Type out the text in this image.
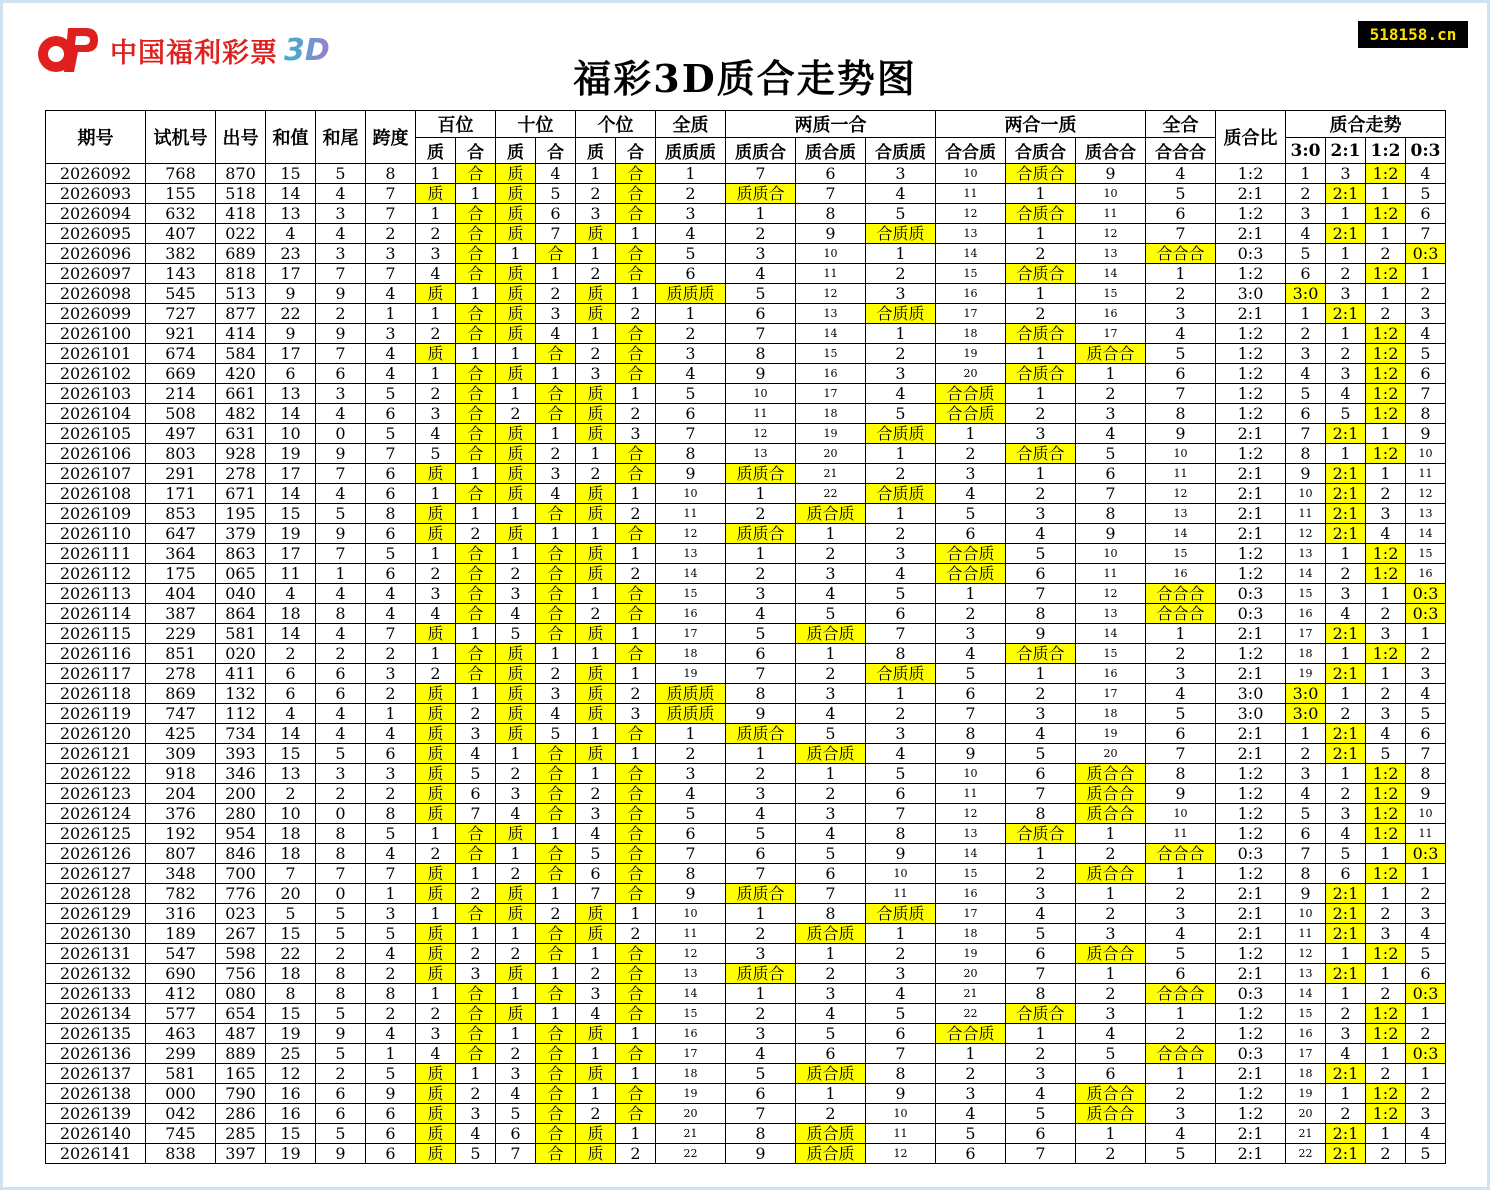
中国福利彩票 3D
福彩3D质合走势图
518158.cn
期号	试机号	出号	和值	和尾	跨度	百位		十位		个位		全质	两质一合			两合一质			全合	质合比	质合走势			
						质	合	质	合	质	合	质质质	质质合	质合质	合质质	合合质	合质合	质合合	合合合		3:0	2:1	1:2	0:3
2026092	768	870	15	5	8	1	合	质	4	1	合	1	7	6	3	10	合质合	9	4	1:2	1	3	1:2	4
2026093	155	518	14	4	7	质	1	质	5	2	合	2	质质合	7	4	11	1	10	5	2:1	2	2:1	1	5
2026094	632	418	13	3	7	1	合	质	6	3	合	3	1	8	5	12	合质合	11	6	1:2	3	1	1:2	6
2026095	407	022	4	4	2	2	合	质	7	质	1	4	2	9	合质质	13	1	12	7	2:1	4	2:1	1	7
2026096	382	689	23	3	3	3	合	1	合	1	合	5	3	10	1	14	2	13	合合合	0:3	5	1	2	0:3
2026097	143	818	17	7	7	4	合	质	1	2	合	6	4	11	2	15	合质合	14	1	1:2	6	2	1:2	1
2026098	545	513	9	9	4	质	1	质	2	质	1	质质质	5	12	3	16	1	15	2	3:0	3:0	3	1	2
2026099	727	877	22	2	1	1	合	质	3	质	2	1	6	13	合质质	17	2	16	3	2:1	1	2:1	2	3
2026100	921	414	9	9	3	2	合	质	4	1	合	2	7	14	1	18	合质合	17	4	1:2	2	1	1:2	4
2026101	674	584	17	7	4	质	1	1	合	2	合	3	8	15	2	19	1	质合合	5	1:2	3	2	1:2	5
2026102	669	420	6	6	4	1	合	质	1	3	合	4	9	16	3	20	合质合	1	6	1:2	4	3	1:2	6
2026103	214	661	13	3	5	2	合	1	合	质	1	5	10	17	4	合合质	1	2	7	1:2	5	4	1:2	7
2026104	508	482	14	4	6	3	合	2	合	质	2	6	11	18	5	合合质	2	3	8	1:2	6	5	1:2	8
2026105	497	631	10	0	5	4	合	质	1	质	3	7	12	19	合质质	1	3	4	9	2:1	7	2:1	1	9
2026106	803	928	19	9	7	5	合	质	2	1	合	8	13	20	1	2	合质合	5	10	1:2	8	1	1:2	10
2026107	291	278	17	7	6	质	1	质	3	2	合	9	质质合	21	2	3	1	6	11	2:1	9	2:1	1	11
2026108	171	671	14	4	6	1	合	质	4	质	1	10	1	22	合质质	4	2	7	12	2:1	10	2:1	2	12
2026109	853	195	15	5	8	质	1	1	合	质	2	11	2	质合质	1	5	3	8	13	2:1	11	2:1	3	13
2026110	647	379	19	9	6	质	2	质	1	1	合	12	质质合	1	2	6	4	9	14	2:1	12	2:1	4	14
2026111	364	863	17	7	5	1	合	1	合	质	1	13	1	2	3	合合质	5	10	15	1:2	13	1	1:2	15
2026112	175	065	11	1	6	2	合	2	合	质	2	14	2	3	4	合合质	6	11	16	1:2	14	2	1:2	16
2026113	404	040	4	4	4	3	合	3	合	1	合	15	3	4	5	1	7	12	合合合	0:3	15	3	1	0:3
2026114	387	864	18	8	4	4	合	4	合	2	合	16	4	5	6	2	8	13	合合合	0:3	16	4	2	0:3
2026115	229	581	14	4	7	质	1	5	合	质	1	17	5	质合质	7	3	9	14	1	2:1	17	2:1	3	1
2026116	851	020	2	2	2	1	合	质	1	1	合	18	6	1	8	4	合质合	15	2	1:2	18	1	1:2	2
2026117	278	411	6	6	3	2	合	质	2	质	1	19	7	2	合质质	5	1	16	3	2:1	19	2:1	1	3
2026118	869	132	6	6	2	质	1	质	3	质	2	质质质	8	3	1	6	2	17	4	3:0	3:0	1	2	4
2026119	747	112	4	4	1	质	2	质	4	质	3	质质质	9	4	2	7	3	18	5	3:0	3:0	2	3	5
2026120	425	734	14	4	4	质	3	质	5	1	合	1	质质合	5	3	8	4	19	6	2:1	1	2:1	4	6
2026121	309	393	15	5	6	质	4	1	合	质	1	2	1	质合质	4	9	5	20	7	2:1	2	2:1	5	7
2026122	918	346	13	3	3	质	5	2	合	1	合	3	2	1	5	10	6	质合合	8	1:2	3	1	1:2	8
2026123	204	200	2	2	2	质	6	3	合	2	合	4	3	2	6	11	7	质合合	9	1:2	4	2	1:2	9
2026124	376	280	10	0	8	质	7	4	合	3	合	5	4	3	7	12	8	质合合	10	1:2	5	3	1:2	10
2026125	192	954	18	8	5	1	合	质	1	4	合	6	5	4	8	13	合质合	1	11	1:2	6	4	1:2	11
2026126	807	846	18	8	4	2	合	1	合	5	合	7	6	5	9	14	1	2	合合合	0:3	7	5	1	0:3
2026127	348	700	7	7	7	质	1	2	合	6	合	8	7	6	10	15	2	质合合	1	1:2	8	6	1:2	1
2026128	782	776	20	0	1	质	2	质	1	7	合	9	质质合	7	11	16	3	1	2	2:1	9	2:1	1	2
2026129	316	023	5	5	3	1	合	质	2	质	1	10	1	8	合质质	17	4	2	3	2:1	10	2:1	2	3
2026130	189	267	15	5	5	质	1	1	合	质	2	11	2	质合质	1	18	5	3	4	2:1	11	2:1	3	4
2026131	547	598	22	2	4	质	2	2	合	1	合	12	3	1	2	19	6	质合合	5	1:2	12	1	1:2	5
2026132	690	756	18	8	2	质	3	质	1	2	合	13	质质合	2	3	20	7	1	6	2:1	13	2:1	1	6
2026133	412	080	8	8	8	1	合	1	合	3	合	14	1	3	4	21	8	2	合合合	0:3	14	1	2	0:3
2026134	577	654	15	5	2	2	合	质	1	4	合	15	2	4	5	22	合质合	3	1	1:2	15	2	1:2	1
2026135	463	487	19	9	4	3	合	1	合	质	1	16	3	5	6	合合质	1	4	2	1:2	16	3	1:2	2
2026136	299	889	25	5	1	4	合	2	合	1	合	17	4	6	7	1	2	5	合合合	0:3	17	4	1	0:3
2026137	581	165	12	2	5	质	1	3	合	质	1	18	5	质合质	8	2	3	6	1	2:1	18	2:1	2	1
2026138	000	790	16	6	9	质	2	4	合	1	合	19	6	1	9	3	4	质合合	2	1:2	19	1	1:2	2
2026139	042	286	16	6	6	质	3	5	合	2	合	20	7	2	10	4	5	质合合	3	1:2	20	2	1:2	3
2026140	745	285	15	5	6	质	4	6	合	质	1	21	8	质合质	11	5	6	1	4	2:1	21	2:1	1	4
2026141	838	397	19	9	6	质	5	7	合	质	2	22	9	质合质	12	6	7	2	5	2:1	22	2:1	2	5
